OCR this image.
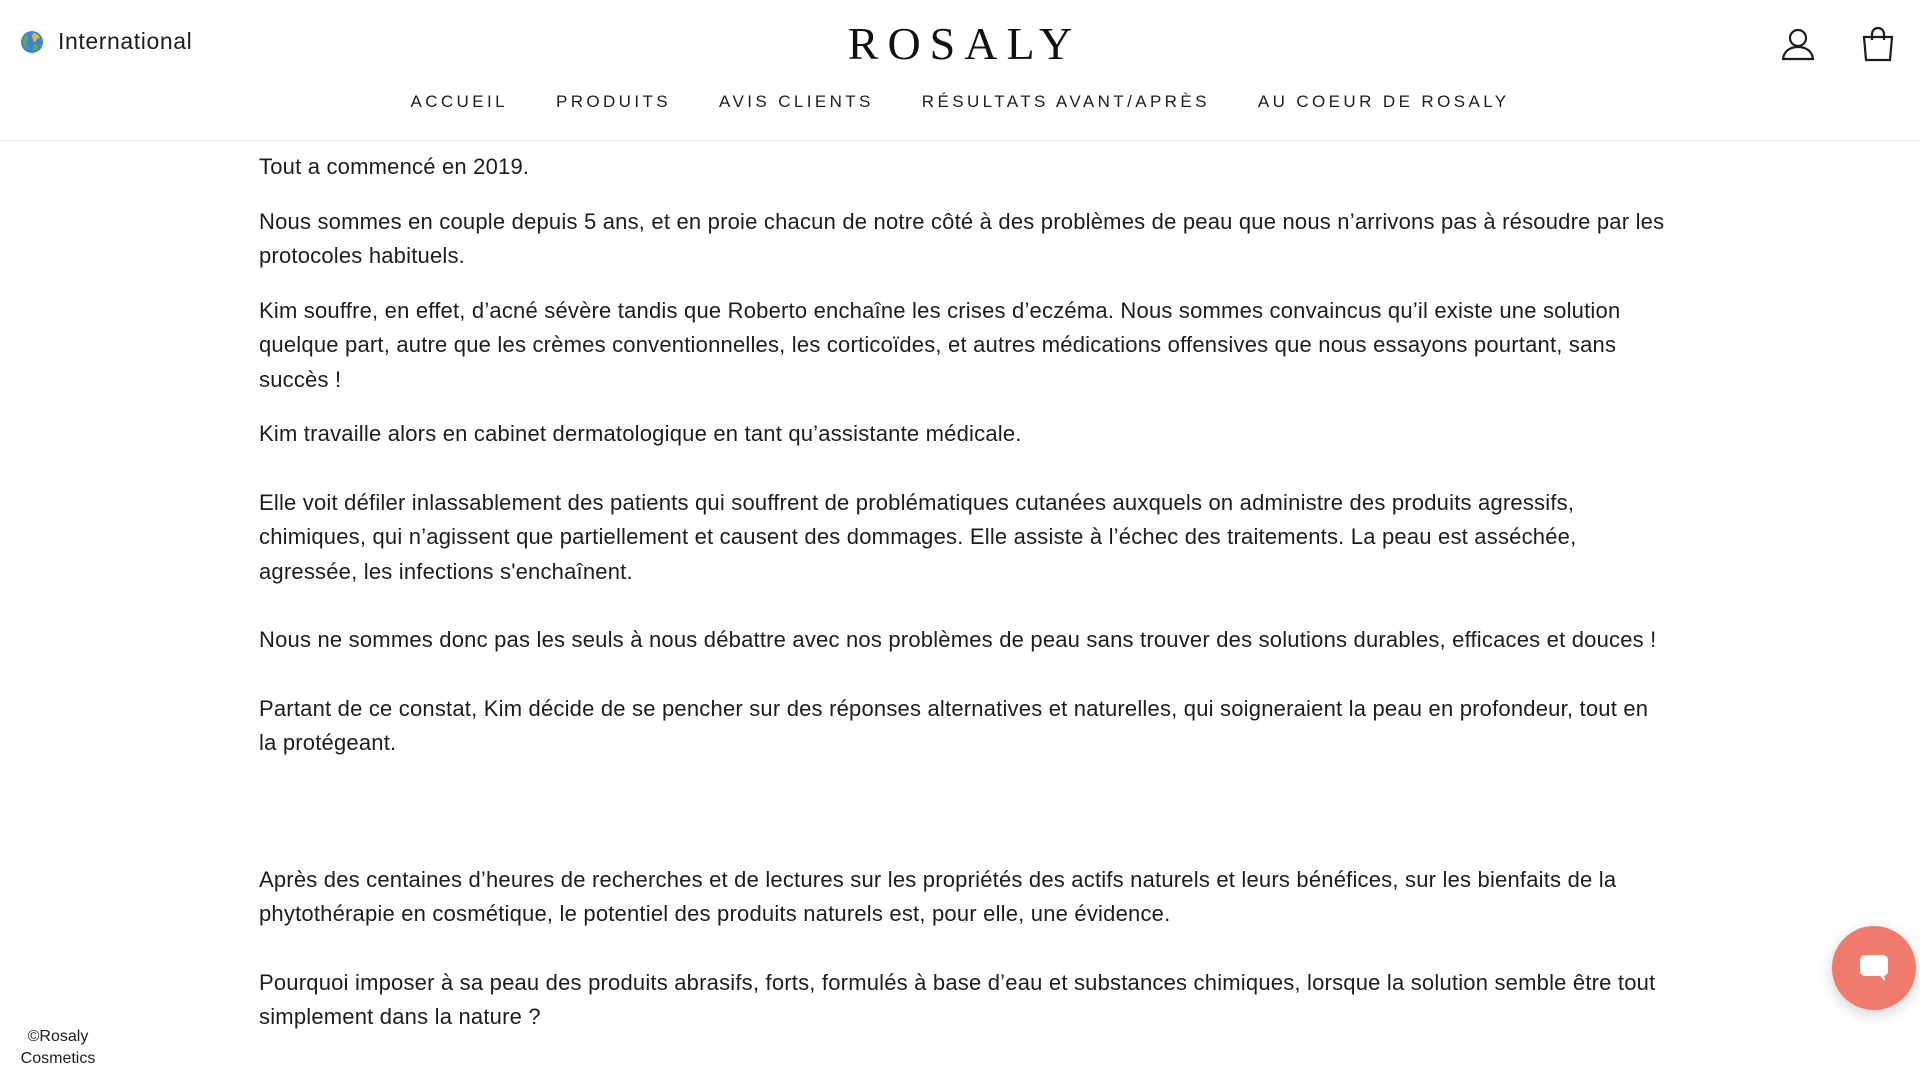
International	ROSALY
ACCUEIL	PRODUITS	AVIS CLIENTS	RÉSULTATS AVANT/APRÈS	AU COEUR DE ROSALY

Tout a commencé en 2019.

Nous sommes en couple depuis 5 ans, et en proie chacun de notre côté à des problèmes de peau que nous n’arrivons pas à résoudre par les protocoles habituels.

Kim souffre, en effet, d’acné sévère tandis que Roberto enchaîne les crises d’eczéma. Nous sommes convaincus qu’il existe une solution quelque part, autre que les crèmes conventionnelles, les corticoïdes, et autres médications offensives que nous essayons pourtant, sans succès !

Kim travaille alors en cabinet dermatologique en tant qu’assistante médicale.

Elle voit défiler inlassablement des patients qui souffrent de problématiques cutanées auxquels on administre des produits agressifs, chimiques, qui n’agissent que partiellement et causent des dommages. Elle assiste à l’échec des traitements. La peau est asséchée, agressée, les infections s'enchaînent.

Nous ne sommes donc pas les seuls à nous débattre avec nos problèmes de peau sans trouver des solutions durables, efficaces et douces !

Partant de ce constat, Kim décide de se pencher sur des réponses alternatives et naturelles, qui soigneraient la peau en profondeur, tout en la protégeant.

Après des centaines d’heures de recherches et de lectures sur les propriétés des actifs naturels et leurs bénéfices, sur les bienfaits de la phytothérapie en cosmétique, le potentiel des produits naturels est, pour elle, une évidence.

Pourquoi imposer à sa peau des produits abrasifs, forts, formulés à base d’eau et substances chimiques, lorsque la solution semble être tout simplement dans la nature ?

©Rosaly
Cosmetics
